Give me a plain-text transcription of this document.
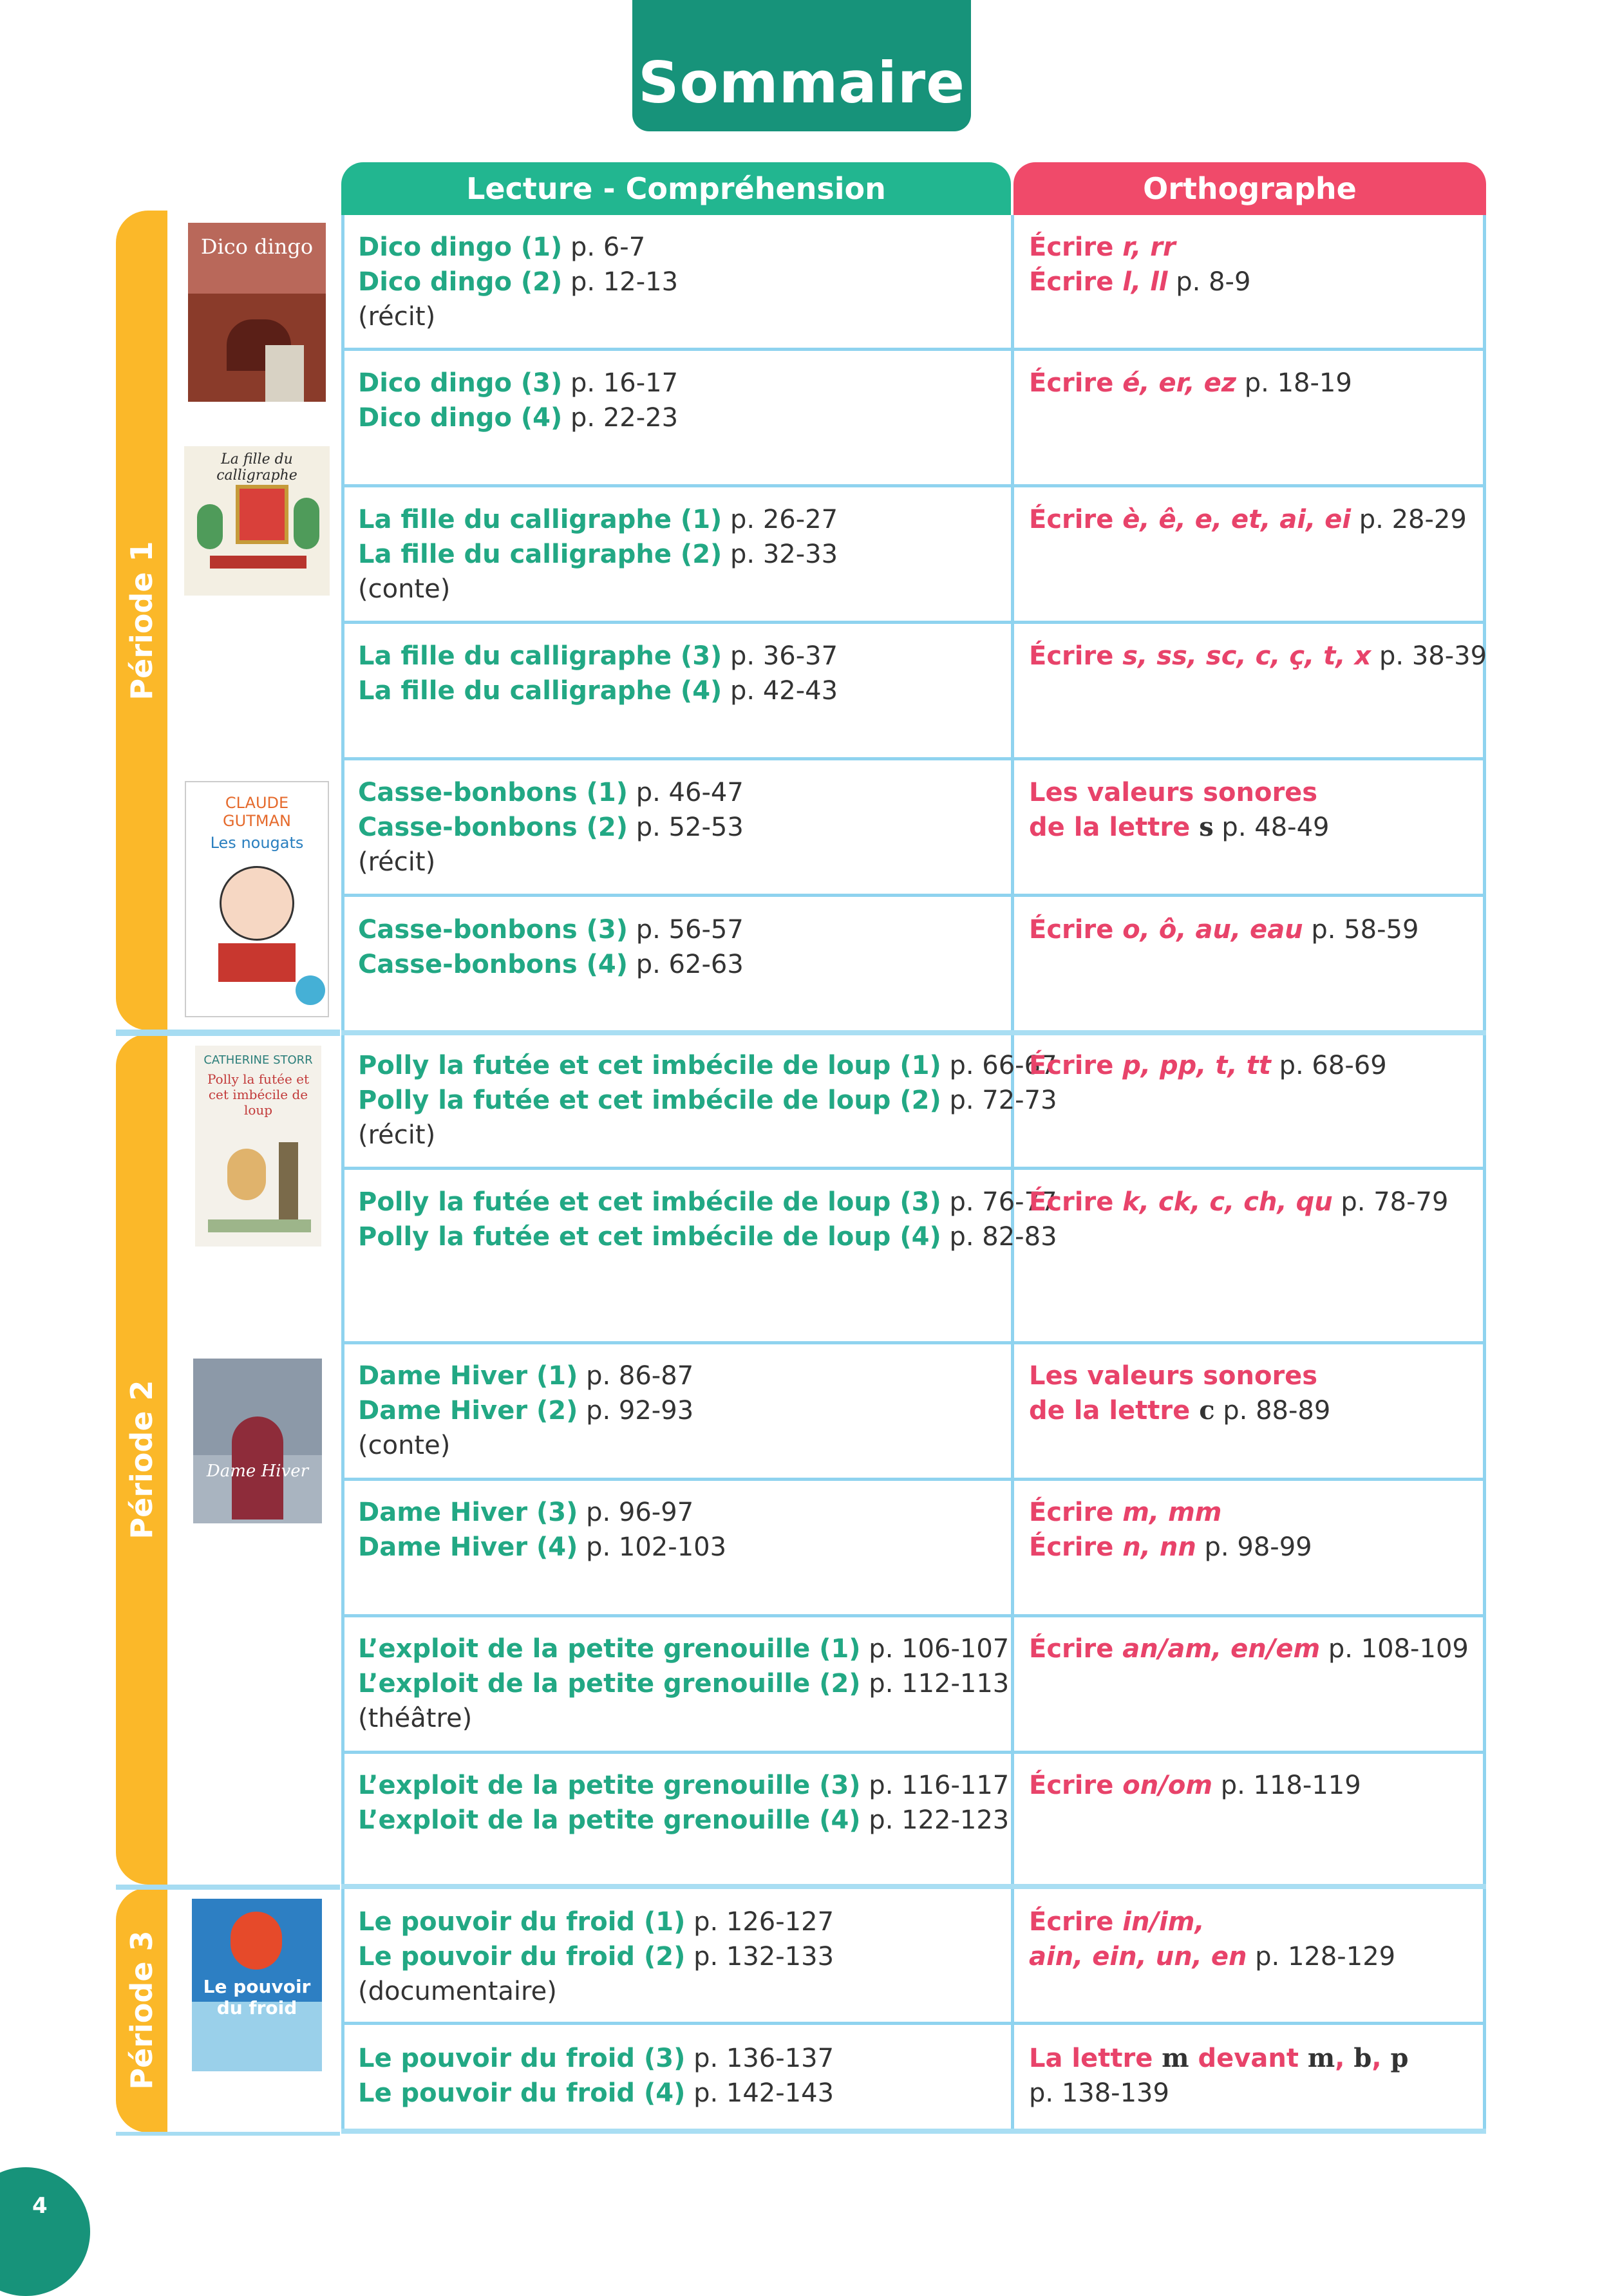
Sommaire
Lecture - Compréhension	Orthographe
Période 1
Période 2
Période 3
Dico dingo
La fille du calligraphe
CLAUDE GUTMAN
Les nougats
CATHERINE STORR
Polly la futée et cet imbécile de loup
Dame Hiver
Le pouvoir du froid
Dico dingo (1) p. 6-7
Dico dingo (2) p. 12-13
(récit)
Écrire r, rr
Écrire l, ll p. 8-9
Dico dingo (3) p. 16-17
Dico dingo (4) p. 22-23
Écrire é, er, ez p. 18-19
La fille du calligraphe (1) p. 26-27
La fille du calligraphe (2) p. 32-33
(conte)
Écrire è, ê, e, et, ai, ei p. 28-29
La fille du calligraphe (3) p. 36-37
La fille du calligraphe (4) p. 42-43
Écrire s, ss, sc, c, ç, t, x p. 38-39
Casse-bonbons (1) p. 46-47
Casse-bonbons (2) p. 52-53
(récit)
Les valeurs sonores
de la lettre s p. 48-49
Casse-bonbons (3) p. 56-57
Casse-bonbons (4) p. 62-63
Écrire o, ô, au, eau p. 58-59
Polly la futée et cet imbécile de loup (1) p. 66-67
Polly la futée et cet imbécile de loup (2) p. 72-73
(récit)
Écrire p, pp, t, tt p. 68-69
Polly la futée et cet imbécile de loup (3) p. 76-77
Polly la futée et cet imbécile de loup (4) p. 82-83
Écrire k, ck, c, ch, qu p. 78-79
Dame Hiver (1) p. 86-87
Dame Hiver (2) p. 92-93
(conte)
Les valeurs sonores
de la lettre c p. 88-89
Dame Hiver (3) p. 96-97
Dame Hiver (4) p. 102-103
Écrire m, mm
Écrire n, nn p. 98-99
L’exploit de la petite grenouille (1) p. 106-107
L’exploit de la petite grenouille (2) p. 112-113
(théâtre)
Écrire an/am, en/em p. 108-109
L’exploit de la petite grenouille (3) p. 116-117
L’exploit de la petite grenouille (4) p. 122-123
Écrire on/om p. 118-119
Le pouvoir du froid (1) p. 126-127
Le pouvoir du froid (2) p. 132-133
(documentaire)
Écrire in/im,
ain, ein, un, en p. 128-129
Le pouvoir du froid (3) p. 136-137
Le pouvoir du froid (4) p. 142-143
La lettre m devant m, b, p
p. 138-139
4
